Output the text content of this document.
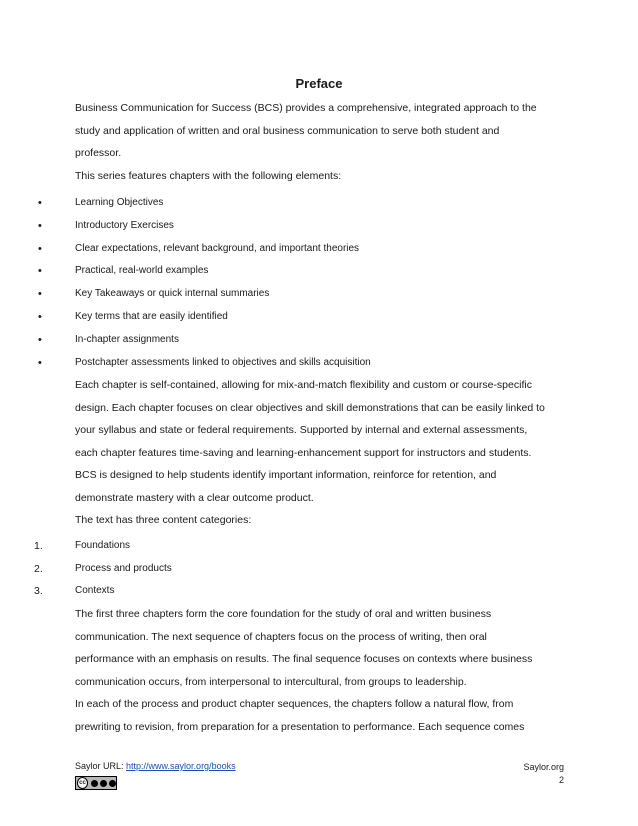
Preface
Business Communication for Success (BCS) provides a comprehensive, integrated approach to the
study and application of written and oral business communication to serve both student and
professor.
This series features chapters with the following elements:
•	Learning Objectives
•	Introductory Exercises
•	Clear expectations, relevant background, and important theories
•	Practical, real-world examples
•	Key Takeaways or quick internal summaries
•	Key terms that are easily identified
•	In-chapter assignments
•	Postchapter assessments linked to objectives and skills acquisition
Each chapter is self-contained, allowing for mix-and-match flexibility and custom or course-specific
design. Each chapter focuses on clear objectives and skill demonstrations that can be easily linked to
your syllabus and state or federal requirements. Supported by internal and external assessments,
each chapter features time-saving and learning-enhancement support for instructors and students.
BCS is designed to help students identify important information, reinforce for retention, and
demonstrate mastery with a clear outcome product.
The text has three content categories:
1.	Foundations
2.	Process and products
3.	Contexts
The first three chapters form the core foundation for the study of oral and written business
communication. The next sequence of chapters focus on the process of writing, then oral
performance with an emphasis on results. The final sequence focuses on contexts where business
communication occurs, from interpersonal to intercultural, from groups to leadership.
In each of the process and product chapter sequences, the chapters follow a natural flow, from
prewriting to revision, from preparation for a presentation to performance. Each sequence comes
Saylor URL: http://www.saylor.org/books
cc
Saylor.org
2
